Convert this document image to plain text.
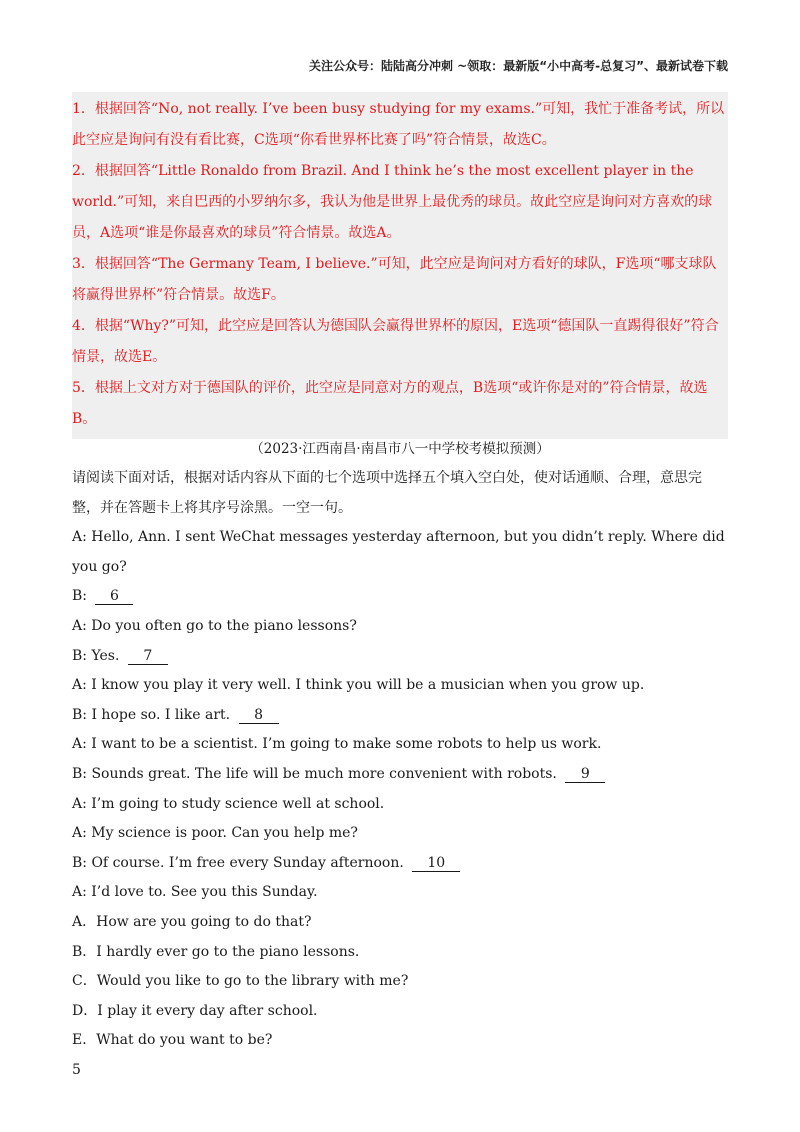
关注公众号：陆陆高分冲刺 ~领取：最新版“小中高考-总复习”、最新试卷下载

1．根据回答“No, not really. I’ve been busy studying for my exams.”可知，我忙于准备考试，所以此空应是询问有没有看比赛，C选项“你看世界杯比赛了吗”符合情景，故选C。

2．根据回答“Little Ronaldo from Brazil. And I think he’s the most excellent player in the world.”可知，来自巴西的小罗纳尔多，我认为他是世界上最优秀的球员。故此空应是询问对方喜欢的球员，A选项“谁是你最喜欢的球员”符合情景。故选A。

3．根据回答“The Germany Team, I believe.”可知，此空应是询问对方看好的球队，F选项“哪支球队将赢得世界杯”符合情景。故选F。

4．根据“Why?”可知，此空应是回答认为德国队会赢得世界杯的原因，E选项“德国队一直踢得很好”符合情景，故选E。

5．根据上文对方对于德国队的评价，此空应是同意对方的观点，B选项“或许你是对的”符合情景，故选B。

（2023·江西南昌·南昌市八一中学校考模拟预测）

请阅读下面对话，根据对话内容从下面的七个选项中选择五个填入空白处，使对话通顺、合理，意思完整，并在答题卡上将其序号涂黑。一空一句。

A: Hello, Ann. I sent WeChat messages yesterday afternoon, but you didn’t reply. Where did you go?

B: 6

A: Do you often go to the piano lessons?

B: Yes. 7

A: I know you play it very well. I think you will be a musician when you grow up.

B: I hope so. I like art. 8

A: I want to be a scientist. I’m going to make some robots to help us work.

B: Sounds great. The life will be much more convenient with robots. 9

A: I’m going to study science well at school.

A: My science is poor. Can you help me?

B: Of course. I’m free every Sunday afternoon. 10

A: I’d love to. See you this Sunday.

A．How are you going to do that?

B．I hardly ever go to the piano lessons.

C．Would you like to go to the library with me?

D．I play it every day after school.

E．What do you want to be?

5
